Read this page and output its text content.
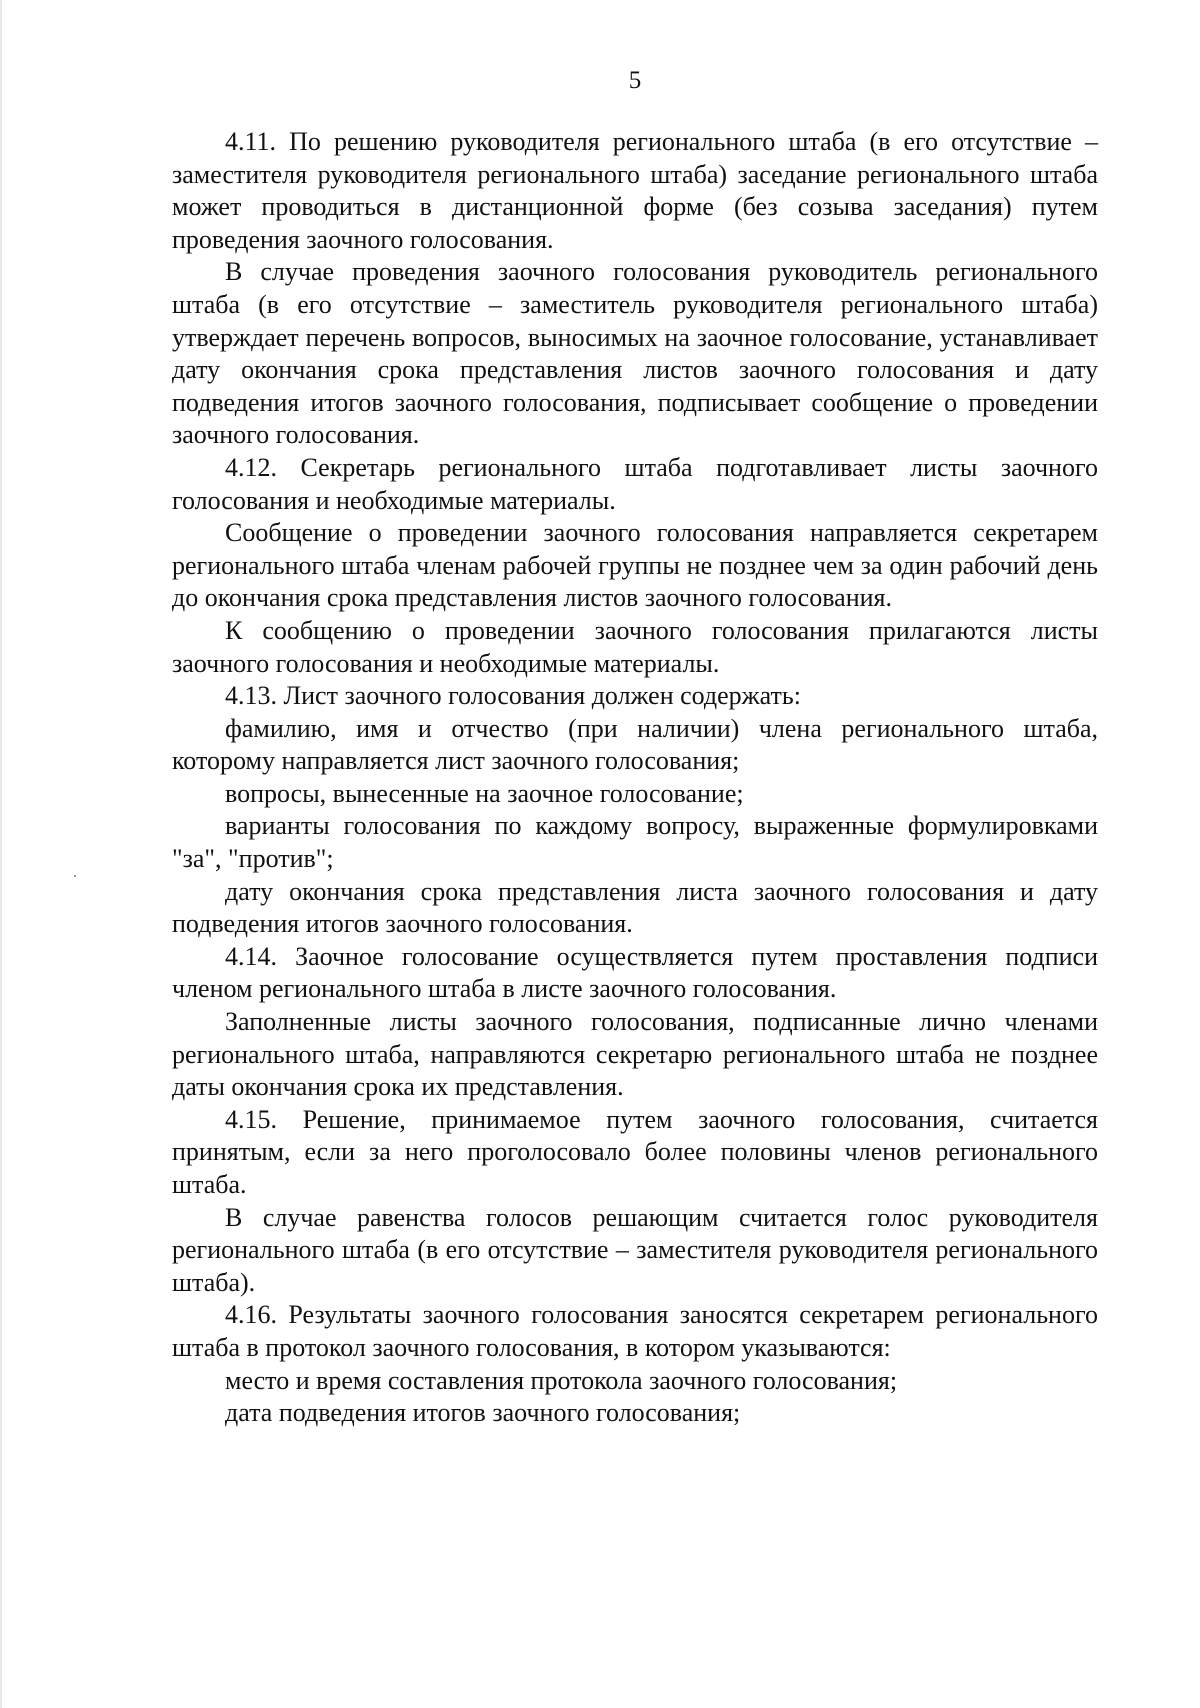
5

4.11. По решению руководителя регионального штаба (в его отсутствие – заместителя руководителя регионального штаба) заседание регионального штаба может проводиться в дистанционной форме (без созыва заседания) путем проведения заочного голосования.

В случае проведения заочного голосования руководитель регионального штаба (в его отсутствие – заместитель руководителя регионального штаба) утверждает перечень вопросов, выносимых на заочное голосование, устанавливает дату окончания срока представления листов заочного голосования и дату подведения итогов заочного голосования, подписывает сообщение о проведении заочного голосования.

4.12. Секретарь регионального штаба подготавливает листы заочного голосования и необходимые материалы.

Сообщение о проведении заочного голосования направляется секретарем регионального штаба членам рабочей группы не позднее чем за один рабочий день до окончания срока представления листов заочного голосования.

К сообщению о проведении заочного голосования прилагаются листы заочного голосования и необходимые материалы.

4.13. Лист заочного голосования должен содержать:

фамилию, имя и отчество (при наличии) члена регионального штаба, которому направляется лист заочного голосования;

вопросы, вынесенные на заочное голосование;

варианты голосования по каждому вопросу, выраженные формулировками "за", "против";

дату окончания срока представления листа заочного голосования и дату подведения итогов заочного голосования.

4.14. Заочное голосование осуществляется путем проставления подписи членом регионального штаба в листе заочного голосования.

Заполненные листы заочного голосования, подписанные лично членами регионального штаба, направляются секретарю регионального штаба не позднее даты окончания срока их представления.

4.15. Решение, принимаемое путем заочного голосования, считается принятым, если за него проголосовало более половины членов регионального штаба.

В случае равенства голосов решающим считается голос руководителя регионального штаба (в его отсутствие – заместителя руководителя регионального штаба).

4.16. Результаты заочного голосования заносятся секретарем регионального штаба в протокол заочного голосования, в котором указываются:

место и время составления протокола заочного голосования;

дата подведения итогов заочного голосования;
